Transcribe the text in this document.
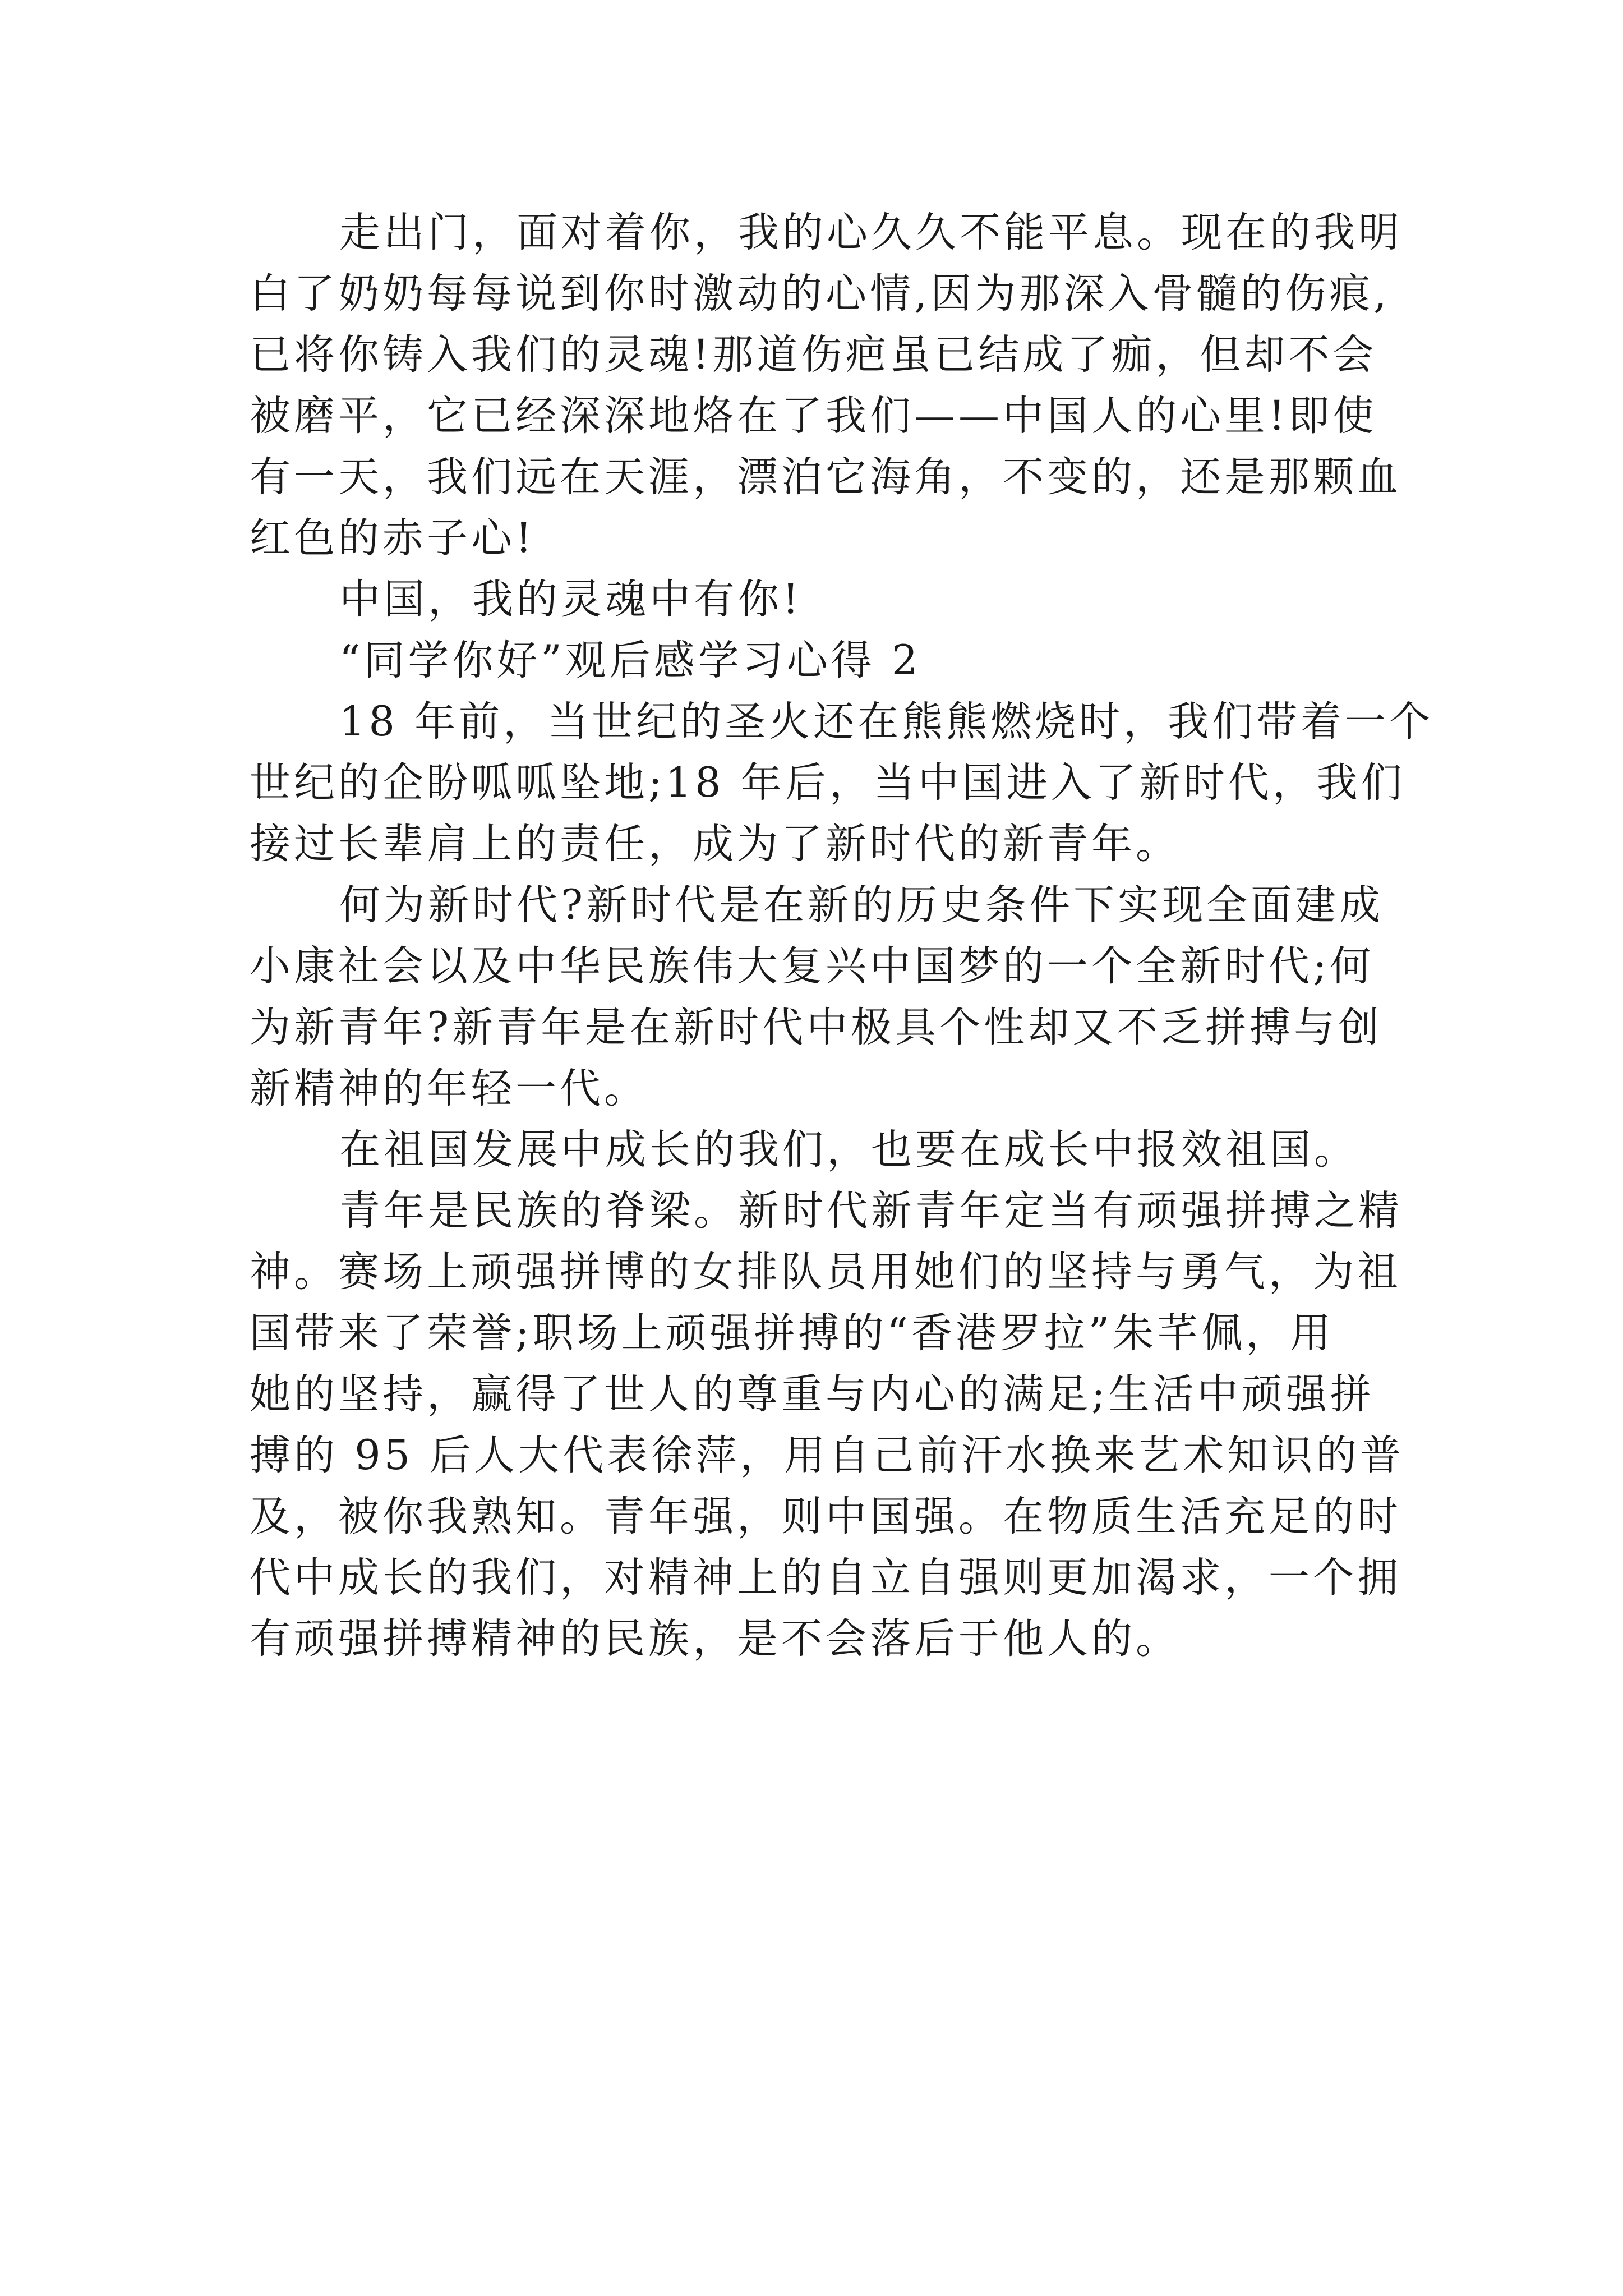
走出门，面对着你，我的心久久不能平息。现在的我明
白了奶奶每每说到你时激动的心情,因为那深入骨髓的伤痕,
已将你铸入我们的灵魂!那道伤疤虽已结成了痂，但却不会
被磨平，它已经深深地烙在了我们——中国人的心里!即使
有一天，我们远在天涯，漂泊它海角，不变的，还是那颗血
红色的赤子心!
中国，我的灵魂中有你!
“同学你好”观后感学习心得 2
18 年前，当世纪的圣火还在熊熊燃烧时，我们带着一个
世纪的企盼呱呱坠地;18 年后，当中国进入了新时代，我们
接过长辈肩上的责任，成为了新时代的新青年。
何为新时代?新时代是在新的历史条件下实现全面建成
小康社会以及中华民族伟大复兴中国梦的一个全新时代;何
为新青年?新青年是在新时代中极具个性却又不乏拼搏与创
新精神的年轻一代。
在祖国发展中成长的我们，也要在成长中报效祖国。
青年是民族的脊梁。新时代新青年定当有顽强拼搏之精
神。赛场上顽强拼博的女排队员用她们的坚持与勇气，为祖
国带来了荣誉;职场上顽强拼搏的“香港罗拉”朱芊佩，用
她的坚持，赢得了世人的尊重与内心的满足;生活中顽强拼
搏的 95 后人大代表徐萍，用自己前汗水换来艺术知识的普
及，被你我熟知。青年强，则中国强。在物质生活充足的时
代中成长的我们，对精神上的自立自强则更加渴求，一个拥
有顽强拼搏精神的民族，是不会落后于他人的。
